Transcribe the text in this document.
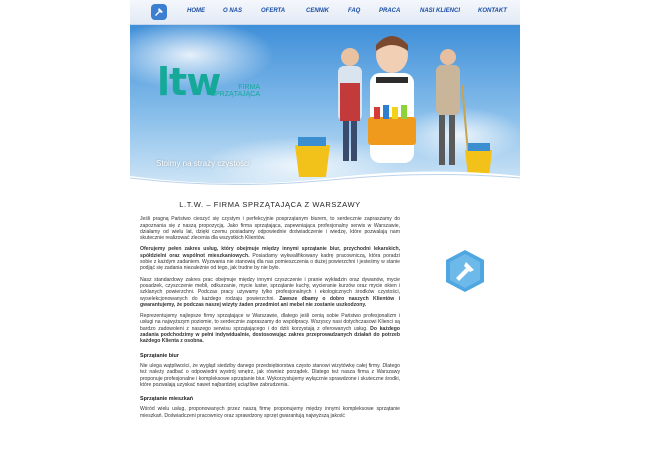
HOME	O NAS	OFERTA	CENNIK	FAQ	PRACA	NASI KLIENCI	KONTAKT
ltw	FIRMA
SPRZĄTAJĄCA
Stoimy na straży czystości
L.T.W. – FIRMA SPRZĄTAJĄCA Z WARSZAWY

Jeśli pragną Państwo cieszyć się czystym i perfekcyjnie posprzątanym biurem, to serdecznie zapraszamy do zapoznania się z naszą propozycją. Jako firma sprzątająca, zapewniająca profesjonalny serwis w Warszawie, działamy od wielu lat, dzięki czemu posiadamy odpowiednie doświadczenie i wiedzę, które pozwalają nam skutecznie realizować zlecenia dla wszystkich Klientów.

Oferujemy pełen zakres usług, który obejmuje między innymi sprzątanie biur, przychodni lekarskich, spółdzielni oraz wspólnot mieszkaniowych. Posiadamy wykwalifikowany kadrę pracowniczą, która poradzi sobie z każdym zadaniem. Wyzwania nie stanowią dla nas pomieszczenia o dużej powierzchni i jesteśmy w stanie podjąć się zadania niezależnie od tego, jak trudne by nie było.

Nasz standardowy zakres prac obejmuje między innymi czyszczenie i pranie wykładzin oraz dywanów, mycie posadzek, czyszczenie mebli, odkurzanie, mycie luster, sprzątanie kuchy, wycieranie kurzów oraz mycie okien i szklanych powierzchni. Podczas pracy używamy tylko profesjonalnych i ekologicznych środków czystości, wyselekcjonowanych do każdego rodzaju powierzchni. Zawsze dbamy o dobro naszych Klientów i gwarantujemy, że podczas naszej wizyty żaden przedmiot ani mebel nie zostanie uszkodzony.

Reprezentujemy najlepsze firmy sprzątające w Warszawie, dlatego jeśli cenią sobie Państwo profesjonalizm i usługi na najwyższym poziomie, to serdecznie zapraszamy do współpracy. Wszyscy nasi dotychczasowi Klienci są bardzo zadowoleni z naszego serwisu sprzątającego i do dziś korzystają z oferowanych usług. Do każdego zadania podchodzimy w pełni indywidualnie, dostosowując zakres przeprowadzanych działań do potrzeb każdego Klienta z osobna.

Sprzątanie biur

Nie ulega wątpliwości, że wygląd siedziby danego przedsiębiorstwa często stanowi wizytówkę całej firmy. Dlatego też należy zadbać o odpowiedni wystrój wnętrz, jak również porządek. Dlatego też nasza firma z Warszawy proponuje profesjonalne i kompleksowe sprzątanie biur. Wykorzystujemy wyłącznie sprawdzone i skuteczne środki, które pozwalają uzyskać nawet najbardziej uciążliwe zabrudzenia.

Sprzątanie mieszkań

Wśród wielu usług, proponowanych przez naszą firmę proponujemy między innymi kompleksowe sprzątanie mieszkań. Doświadczeni pracownicy oraz sprawdzony sprzęt gwarantują najwyższą jakość
